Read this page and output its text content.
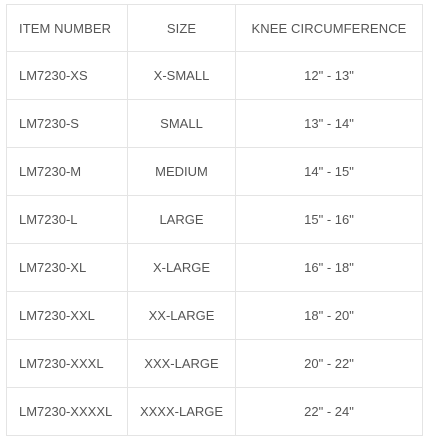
ITEM NUMBER	SIZE	KNEE CIRCUMFERENCE
LM7230-XS	X-SMALL	12" - 13"
LM7230-S	SMALL	13" - 14"
LM7230-M	MEDIUM	14" - 15"
LM7230-L	LARGE	15" - 16"
LM7230-XL	X-LARGE	16" - 18"
LM7230-XXL	XX-LARGE	18" - 20"
LM7230-XXXL	XXX-LARGE	20" - 22"
LM7230-XXXXL	XXXX-LARGE	22" - 24"
